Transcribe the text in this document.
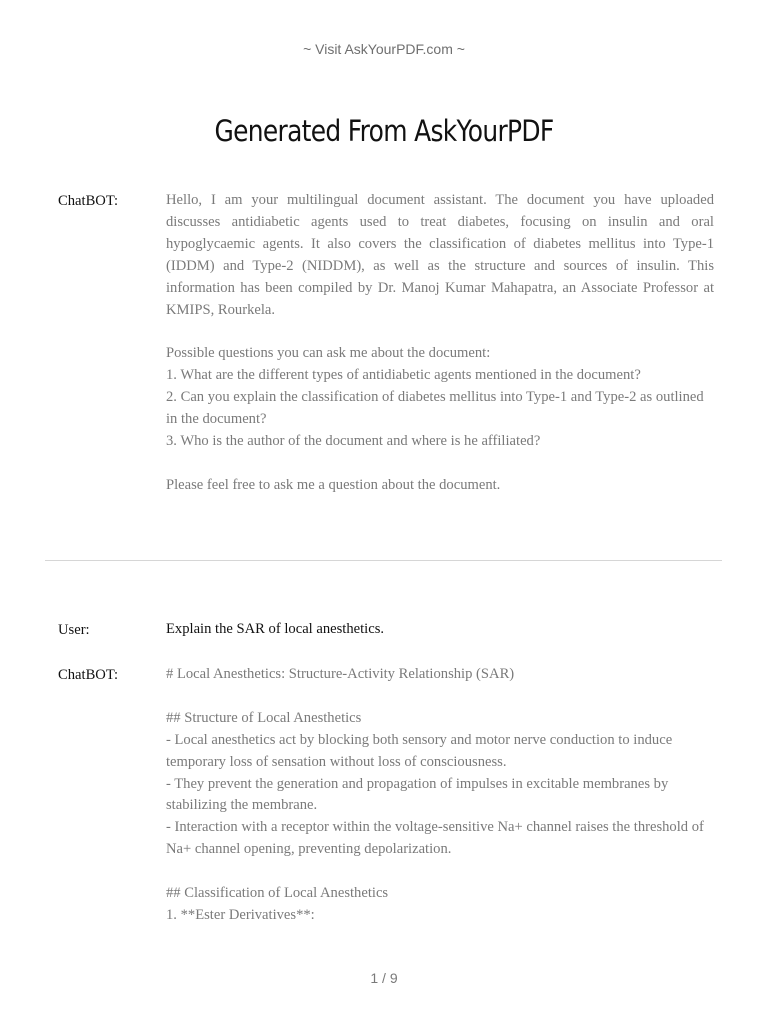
~ Visit AskYourPDF.com ~
Generated From AskYourPDF
ChatBOT:	Hello, I am your multilingual document assistant. The document you have uploaded discusses antidiabetic agents used to treat diabetes, focusing on insulin and oral hypoglycaemic agents. It also covers the classification of diabetes mellitus into Type-1 (IDDM) and Type-2 (NIDDM), as well as the structure and sources of insulin. This information has been compiled by Dr. Manoj Kumar Mahapatra, an Associate Professor at KMIPS, Rourkela.

Possible questions you can ask me about the document:

1. What are the different types of antidiabetic agents mentioned in the document?

2. Can you explain the classification of diabetes mellitus into Type-1 and Type-2 as outlined in the document?

3. Who is the author of the document and where is he affiliated?

Please feel free to ask me a question about the document.

User:	Explain the SAR of local anesthetics.

ChatBOT:	# Local Anesthetics: Structure-Activity Relationship (SAR)

## Structure of Local Anesthetics

- Local anesthetics act by blocking both sensory and motor nerve conduction to induce temporary loss of sensation without loss of consciousness.

- They prevent the generation and propagation of impulses in excitable membranes by stabilizing the membrane.

- Interaction with a receptor within the voltage-sensitive Na+ channel raises the threshold of Na+ channel opening, preventing depolarization.

## Classification of Local Anesthetics

1. **Ester Derivatives**:

1 / 9
